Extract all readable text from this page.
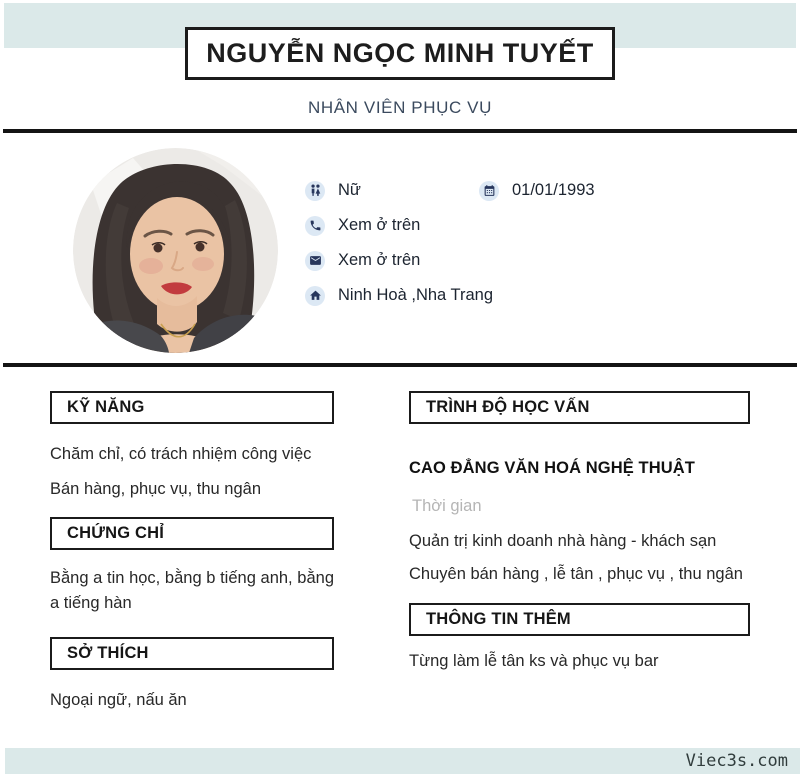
NGUYỄN NGỌC MINH TUYẾT
NHÂN VIÊN PHỤC VỤ
Nữ	01/01/1993
Xem ở trên
Xem ở trên
Ninh Hoà ,Nha Trang
KỸ NĂNG
Chăm chỉ, có trách nhiệm công việc
Bán hàng, phục vụ, thu ngân
CHỨNG CHỈ
Bằng a tin học, bằng b tiếng anh, bằng a tiếng hàn
SỞ THÍCH
Ngoại ngữ, nấu ăn
TRÌNH ĐỘ HỌC VẤN
CAO ĐẲNG VĂN HOÁ NGHỆ THUẬT
Thời gian
Quản trị kinh doanh nhà hàng - khách sạn
Chuyên bán hàng , lễ tân , phục vụ , thu ngân
THÔNG TIN THÊM
Từng làm lễ tân ks và phục vụ bar
Viec3s.com
